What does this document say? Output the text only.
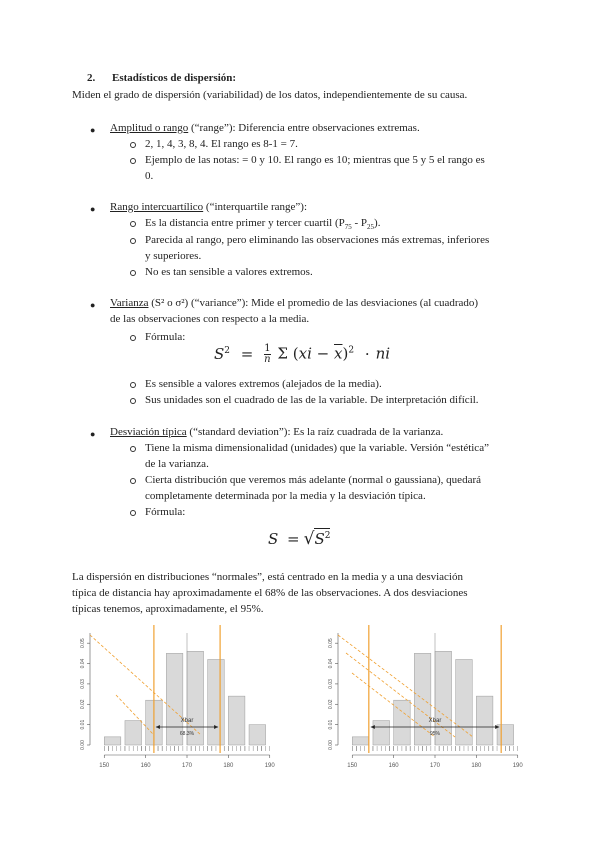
2. Estadísticos de dispersión:
Miden el grado de dispersión (variabilidad) de los datos, independientemente de su causa.
● Amplitud o rango (“range”): Diferencia entre observaciones extremas.
2, 1, 4, 3, 8, 4. El rango es 8-1 = 7.
Ejemplo de las notas: = 0 y 10. El rango es 10; mientras que 5 y 5 el rango es
0.
● Rango intercuartílico (“interquartile range”):
Es la distancia entre primer y tercer cuartil $(P_{75} - P_{25})$.
Parecida al rango, pero eliminando las observaciones más extremas, inferiores
y superiores.
No es tan sensible a valores extremos.
● Varianza (S² o σ²) (“variance”): Mide el promedio de las desviaciones (al cuadrado)
de las observaciones con respecto a la media.
Fórmula:
$S^2 = \frac{1}{n}$ Σ $(xi - \overline{x})^2$ · ni
Es sensible a valores extremos (alejados de la media).
Sus unidades son el cuadrado de las de la variable. De interpretación difícil.
● Desviación típica (“standard deviation”): Es la raíz cuadrada de la varianza.
Tiene la misma dimensionalidad (unidades) que la variable. Versión “estética”
de la varianza.
Cierta distribución que veremos más adelante (normal o gaussiana), quedará
completamente determinada por la media y la desviación típica.
Fórmula:
$S = √S^2$
La dispersión en distribuciones “normales”, está centrado en la media y a una desviación
típica de distancia hay aproximadamente el 68% de las observaciones. A dos desviaciones
típicas tenemos, aproximadamente, el 95%.
0.00
0.01
0.02
0.03
0.04
0.05
150	160	170	180	190
Xbar
68.3%
0.00
0.01
0.02
0.03
0.04
0.05
150	160	170	180	190
Xbar
95%
